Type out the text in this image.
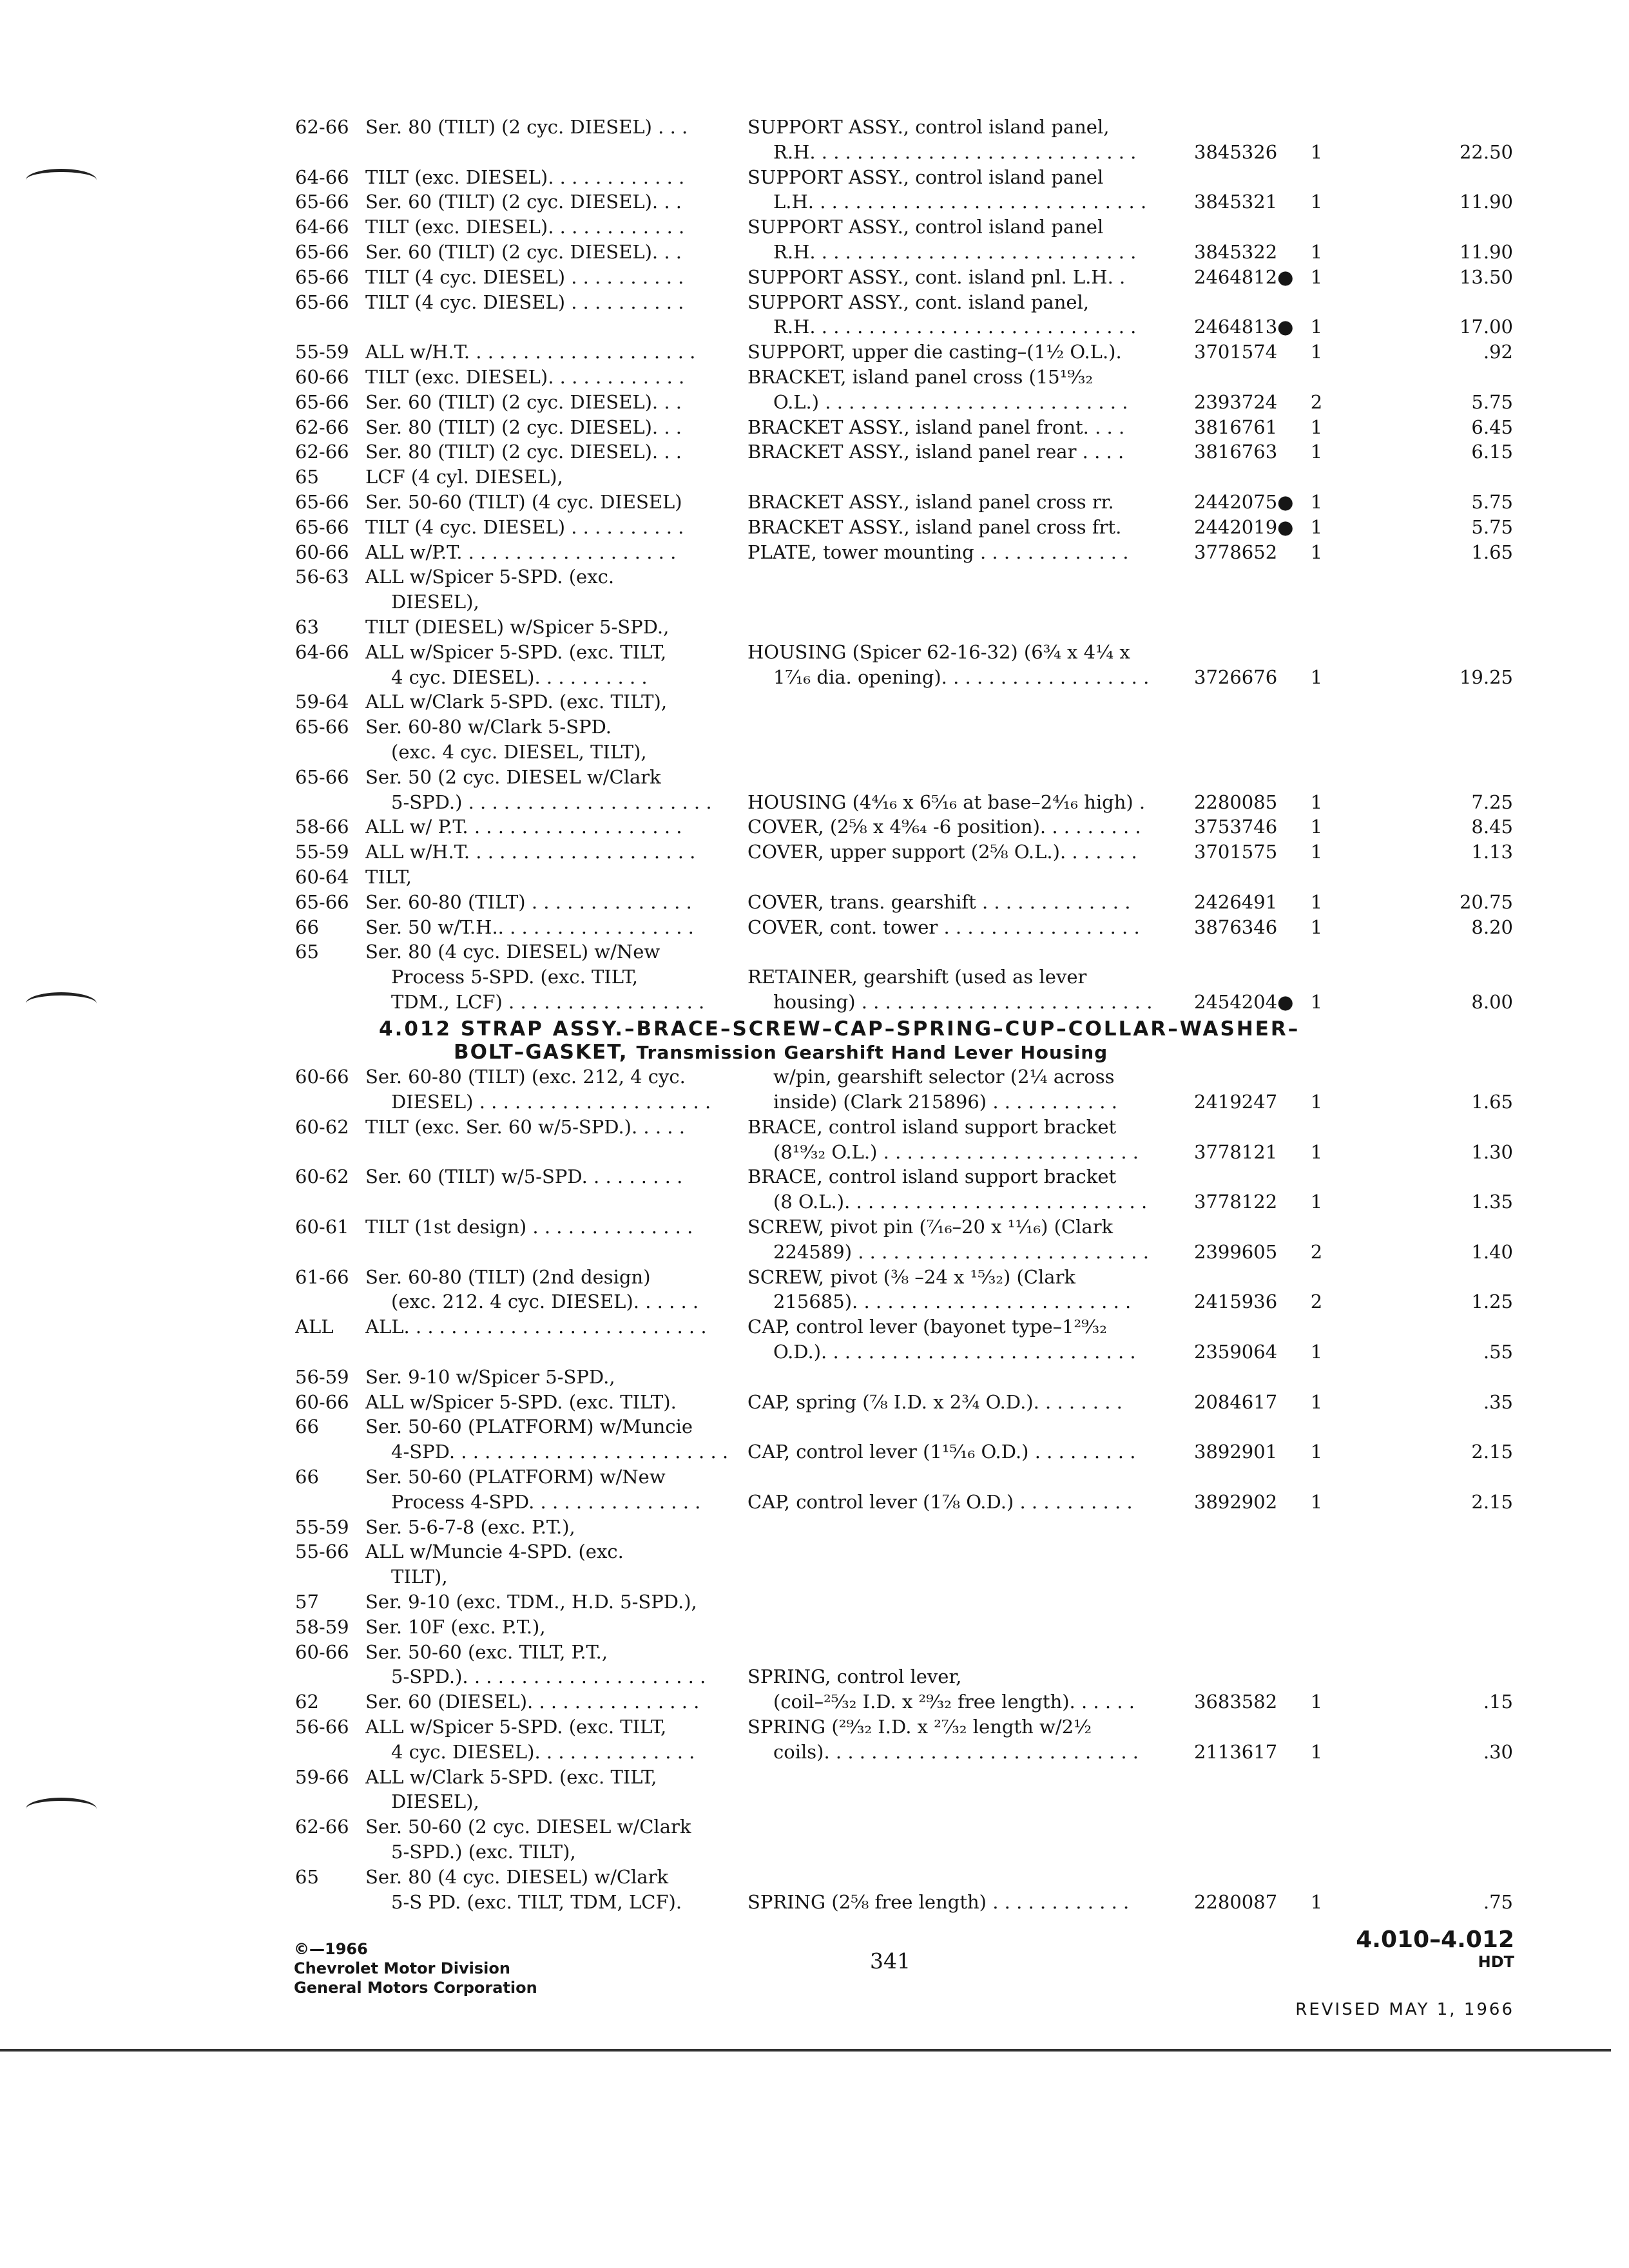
62-66 Ser. 80 (TILT) (2 cyc. DIESEL) . . .	SUPPORT ASSY., control island panel,
R.H. . . . . . . . . . . . . . . . . . . . . . . . . . . .	3845326	1	22.50
64-66 TILT (exc. DIESEL). . . . . . . . . . . .	SUPPORT ASSY., control island panel
65-66 Ser. 60 (TILT) (2 cyc. DIESEL). . .	L.H. . . . . . . . . . . . . . . . . . . . . . . . . . . . .	3845321	1	11.90
64-66 TILT (exc. DIESEL). . . . . . . . . . . .	SUPPORT ASSY., control island panel
65-66 Ser. 60 (TILT) (2 cyc. DIESEL). . .	R.H. . . . . . . . . . . . . . . . . . . . . . . . . . . .	3845322	1	11.90
65-66 TILT (4 cyc. DIESEL) . . . . . . . . . .	SUPPORT ASSY., cont. island pnl. L.H. .	2464812● 1	13.50
65-66 TILT (4 cyc. DIESEL) . . . . . . . . . .	SUPPORT ASSY., cont. island panel,
R.H. . . . . . . . . . . . . . . . . . . . . . . . . . . .	2464813● 1	17.00
55-59 ALL w/H.T. . . . . . . . . . . . . . . . . . . .	SUPPORT, upper die casting–(1½ O.L.).	3701574	1	.92
60-66 TILT (exc. DIESEL). . . . . . . . . . . .	BRACKET, island panel cross (15¹⁹⁄₃₂
65-66 Ser. 60 (TILT) (2 cyc. DIESEL). . .	O.L.) . . . . . . . . . . . . . . . . . . . . . . . . . .	2393724	2	5.75
62-66 Ser. 80 (TILT) (2 cyc. DIESEL). . .	BRACKET ASSY., island panel front. . . .	3816761	1	6.45
62-66 Ser. 80 (TILT) (2 cyc. DIESEL). . .	BRACKET ASSY., island panel rear . . . .	3816763	1	6.15
65	LCF (4 cyl. DIESEL),
65-66 Ser. 50-60 (TILT) (4 cyc. DIESEL)	BRACKET ASSY., island panel cross rr.	2442075● 1	5.75
65-66 TILT (4 cyc. DIESEL) . . . . . . . . . .	BRACKET ASSY., island panel cross frt.	2442019● 1	5.75
60-66 ALL w/P.T. . . . . . . . . . . . . . . . . . .	PLATE, tower mounting . . . . . . . . . . . . .	3778652	1	1.65
56-63 ALL w/Spicer 5-SPD. (exc.
DIESEL),
63	TILT (DIESEL) w/Spicer 5-SPD.,
64-66 ALL w/Spicer 5-SPD. (exc. TILT,	HOUSING (Spicer 62-16-32) (6¾ x 4¼ x
4 cyc. DIESEL). . . . . . . . . .	1⁷⁄₁₆ dia. opening). . . . . . . . . . . . . . . . . .	3726676	1	19.25
59-64 ALL w/Clark 5-SPD. (exc. TILT),
65-66 Ser. 60-80 w/Clark 5-SPD.
(exc. 4 cyc. DIESEL, TILT),
65-66 Ser. 50 (2 cyc. DIESEL w/Clark
5-SPD.) . . . . . . . . . . . . . . . . . . . . .	HOUSING (4⁴⁄₁₆ x 6⁵⁄₁₆ at base–2⁴⁄₁₆ high) .	2280085	1	7.25
58-66 ALL w/ P.T. . . . . . . . . . . . . . . . . . .	COVER, (2⅝ x 4⁹⁄₆₄ -6 position). . . . . . . . .	3753746	1	8.45
55-59 ALL w/H.T. . . . . . . . . . . . . . . . . . . .	COVER, upper support (2⅝ O.L.). . . . . . .	3701575	1	1.13
60-64 TILT,
65-66 Ser. 60-80 (TILT) . . . . . . . . . . . . . .	COVER, trans. gearshift . . . . . . . . . . . . .	2426491	1	20.75
66	Ser. 50 w/T.H.. . . . . . . . . . . . . . . . .	COVER, cont. tower . . . . . . . . . . . . . . . . .	3876346	1	8.20
65	Ser. 80 (4 cyc. DIESEL) w/New
Process 5-SPD. (exc. TILT,	RETAINER, gearshift (used as lever
TDM., LCF) . . . . . . . . . . . . . . . . .	housing) . . . . . . . . . . . . . . . . . . . . . . . . .	2454204● 1	8.00
4.012 STRAP ASSY.–BRACE–SCREW–CAP–SPRING–CUP–COLLAR–WASHER–
BOLT–GASKET, Transmission Gearshift Hand Lever Housing
60-66 Ser. 60-80 (TILT) (exc. 212, 4 cyc.	w/pin, gearshift selector (2¼ across
DIESEL) . . . . . . . . . . . . . . . . . . . .	inside) (Clark 215896) . . . . . . . . . . .	2419247	1	1.65
60-62 TILT (exc. Ser. 60 w/5-SPD.). . . . .	BRACE, control island support bracket
(8¹⁹⁄₃₂ O.L.) . . . . . . . . . . . . . . . . . . . . . .	3778121	1	1.30
60-62 Ser. 60 (TILT) w/5-SPD. . . . . . . . .	BRACE, control island support bracket
(8 O.L.). . . . . . . . . . . . . . . . . . . . . . . . . .	3778122	1	1.35
60-61 TILT (1st design) . . . . . . . . . . . . . .	SCREW, pivot pin (⁷⁄₁₆–20 x ¹¹⁄₁₆) (Clark
224589) . . . . . . . . . . . . . . . . . . . . . . . . .	2399605	2	1.40
61-66 Ser. 60-80 (TILT) (2nd design)	SCREW, pivot (⅜ –24 x ¹⁵⁄₃₂) (Clark
(exc. 212. 4 cyc. DIESEL). . . . . .	215685). . . . . . . . . . . . . . . . . . . . . . . .	2415936	2	1.25
ALL	ALL. . . . . . . . . . . . . . . . . . . . . . . . . .	CAP, control lever (bayonet type–1²⁹⁄₃₂
O.D.). . . . . . . . . . . . . . . . . . . . . . . . . . .	2359064	1	.55
56-59 Ser. 9-10 w/Spicer 5-SPD.,
60-66 ALL w/Spicer 5-SPD. (exc. TILT).	CAP, spring (⅞ I.D. x 2¾ O.D.). . . . . . . .	2084617	1	.35
66	Ser. 50-60 (PLATFORM) w/Muncie
4-SPD. . . . . . . . . . . . . . . . . . . . . . . .	CAP, control lever (1¹⁵⁄₁₆ O.D.) . . . . . . . . .	3892901	1	2.15
66	Ser. 50-60 (PLATFORM) w/New
Process 4-SPD. . . . . . . . . . . . . . .	CAP, control lever (1⅞ O.D.) . . . . . . . . . .	3892902	1	2.15
55-59 Ser. 5-6-7-8 (exc. P.T.),
55-66 ALL w/Muncie 4-SPD. (exc.
TILT),
57	Ser. 9-10 (exc. TDM., H.D. 5-SPD.),
58-59 Ser. 10F (exc. P.T.),
60-66 Ser. 50-60 (exc. TILT, P.T.,
5-SPD.). . . . . . . . . . . . . . . . . . . . .	SPRING, control lever,
62	Ser. 60 (DIESEL). . . . . . . . . . . . . . .	(coil–²⁵⁄₃₂ I.D. x ²⁹⁄₃₂ free length). . . . . .	3683582	1	.15
56-66 ALL w/Spicer 5-SPD. (exc. TILT,	SPRING (²⁹⁄₃₂ I.D. x ²⁷⁄₃₂ length w/2½
4 cyc. DIESEL). . . . . . . . . . . . . .	coils). . . . . . . . . . . . . . . . . . . . . . . . . . .	2113617	1	.30
59-66 ALL w/Clark 5-SPD. (exc. TILT,
DIESEL),
62-66 Ser. 50-60 (2 cyc. DIESEL w/Clark
5-SPD.) (exc. TILT),
65	Ser. 80 (4 cyc. DIESEL) w/Clark
5-S PD. (exc. TILT, TDM, LCF).	SPRING (2⅝ free length) . . . . . . . . . . . .	2280087	1	.75
©—1966
Chevrolet Motor Division
General Motors Corporation
341
4.010–4.012
HDT
REVISED MAY 1, 1966
